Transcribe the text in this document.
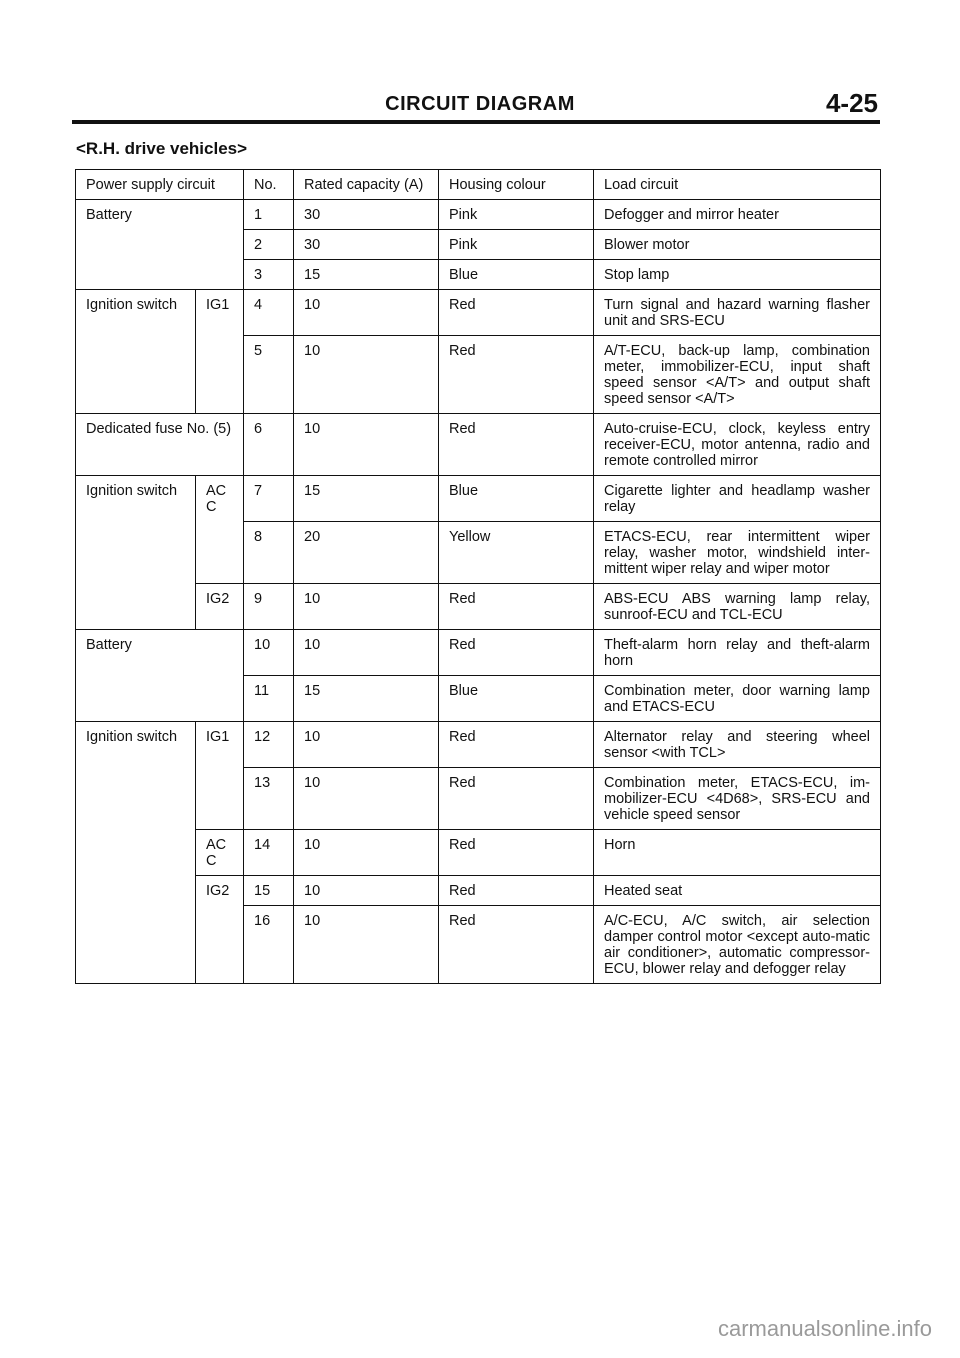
CIRCUIT DIAGRAM	4-25
<R.H. drive vehicles>
Power supply circuit		No.	Rated capacity (A)	Housing colour	Load circuit
Battery		1	30	Pink	Defogger and mirror heater
		2	30	Pink	Blower motor
		3	15	Blue	Stop lamp
Ignition switch	IG1	4	10	Red	Turn signal and hazard warning flasher unit and SRS-ECU
		5	10	Red	A/T-ECU, back-up lamp, combination meter, immobilizer-ECU, input shaft speed sensor <A/T> and output shaft speed sensor <A/T>
Dedicated fuse No. (5)		6	10	Red	Auto-cruise-ECU, clock, keyless entry receiver-ECU, motor antenna, radio and remote controlled mirror
Ignition switch	ACC	7	15	Blue	Cigarette lighter and headlamp washer relay
		8	20	Yellow	ETACS-ECU, rear intermittent wiper relay, washer motor, windshield inter-mittent wiper relay and wiper motor
	IG2	9	10	Red	ABS-ECU ABS warning lamp relay, sunroof-ECU and TCL-ECU
Battery		10	10	Red	Theft-alarm horn relay and theft-alarm horn
		11	15	Blue	Combination meter, door warning lamp and ETACS-ECU
Ignition switch	IG1	12	10	Red	Alternator relay and steering wheel sensor <with TCL>
		13	10	Red	Combination meter, ETACS-ECU, im-mobilizer-ECU <4D68>, SRS-ECU and vehicle speed sensor
	ACC	14	10	Red	Horn
	IG2	15	10	Red	Heated seat
		16	10	Red	A/C-ECU, A/C switch, air selection damper control motor <except auto-matic air conditioner>, automatic compressor-ECU, blower relay and defogger relay
carmanualsonline.info
